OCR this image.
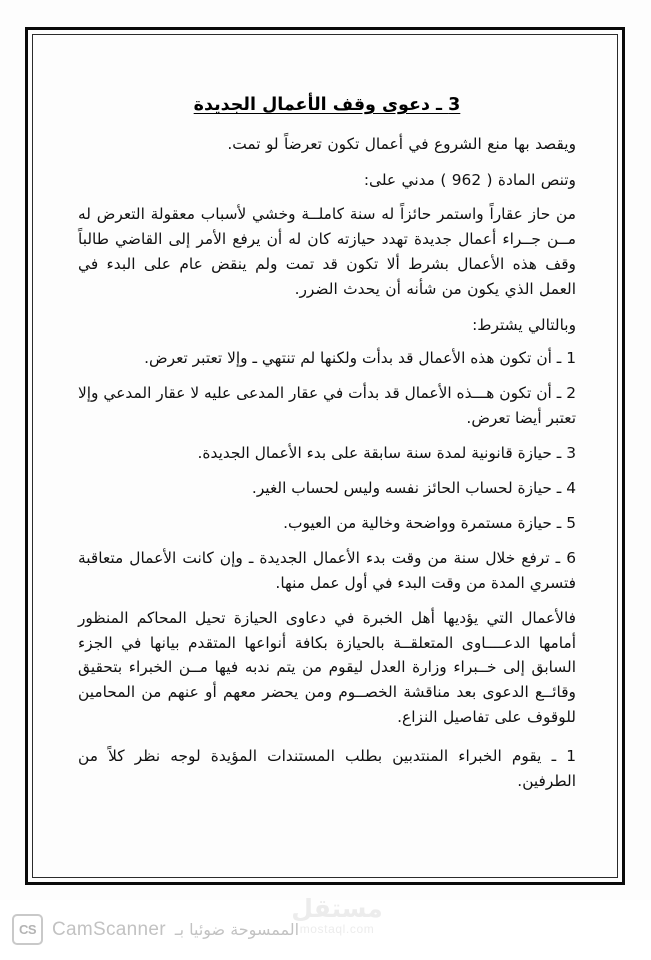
3 ـ دعوى وقف الأعمال الجديدة

ويقصد بها منع الشروع في أعمال تكون تعرضاً لو تمت.

وتنص المادة ( 962 ) مدني على:

من حاز عقاراً واستمر حائزاً له سنة كاملــة وخشي لأسباب معقولة التعرض له مــن جــراء أعمال جديدة تهدد حيازته كان له أن يرفع الأمر إلى القاضي طالباً وقف هذه الأعمال بشرط ألا تكون قد تمت ولم ينقض عام على البدء في العمل الذي يكون من شأنه أن يحدث الضرر.

وبالتالي يشترط:

1 ـ أن تكون هذه الأعمال قد بدأت ولكنها لم تنتهي ـ وإلا تعتبر تعرض.

2 ـ أن تكون هـــذه الأعمال قد بدأت في عقار المدعى عليه لا عقار المدعي وإلا تعتبر أيضا تعرض.

3 ـ حيازة قانونية لمدة سنة سابقة على بدء الأعمال الجديدة.

4 ـ حيازة لحساب الحائز نفسه وليس لحساب الغير.

5 ـ حيازة مستمرة وواضحة وخالية من العيوب.

6 ـ ترفع خلال سنة من وقت بدء الأعمال الجديدة ـ وإن كانت الأعمال متعاقبة فتسري المدة من وقت البدء في أول عمل منها.

فالأعمال التي يؤديها أهل الخبرة في دعاوى الحيازة تحيل المحاكم المنظور أمامها الدعــــاوى المتعلقــة بالحيازة بكافة أنواعها المتقدم بيانها في الجزء السابق إلى خــبراء وزارة العدل ليقوم من يتم ندبه فيها مــن الخبراء بتحقيق وقائــع الدعوى بعد مناقشة الخصــوم ومن يحضر معهم أو عنهم من المحامين للوقوف على تفاصيل النزاع.

1 ـ يقوم الخبراء المنتدبين بطلب المستندات المؤيدة لوجه نظر كلاً من الطرفين.

CS CamScanner الممسوحة ضوئيا بـ
مستقل
mostaql.com
